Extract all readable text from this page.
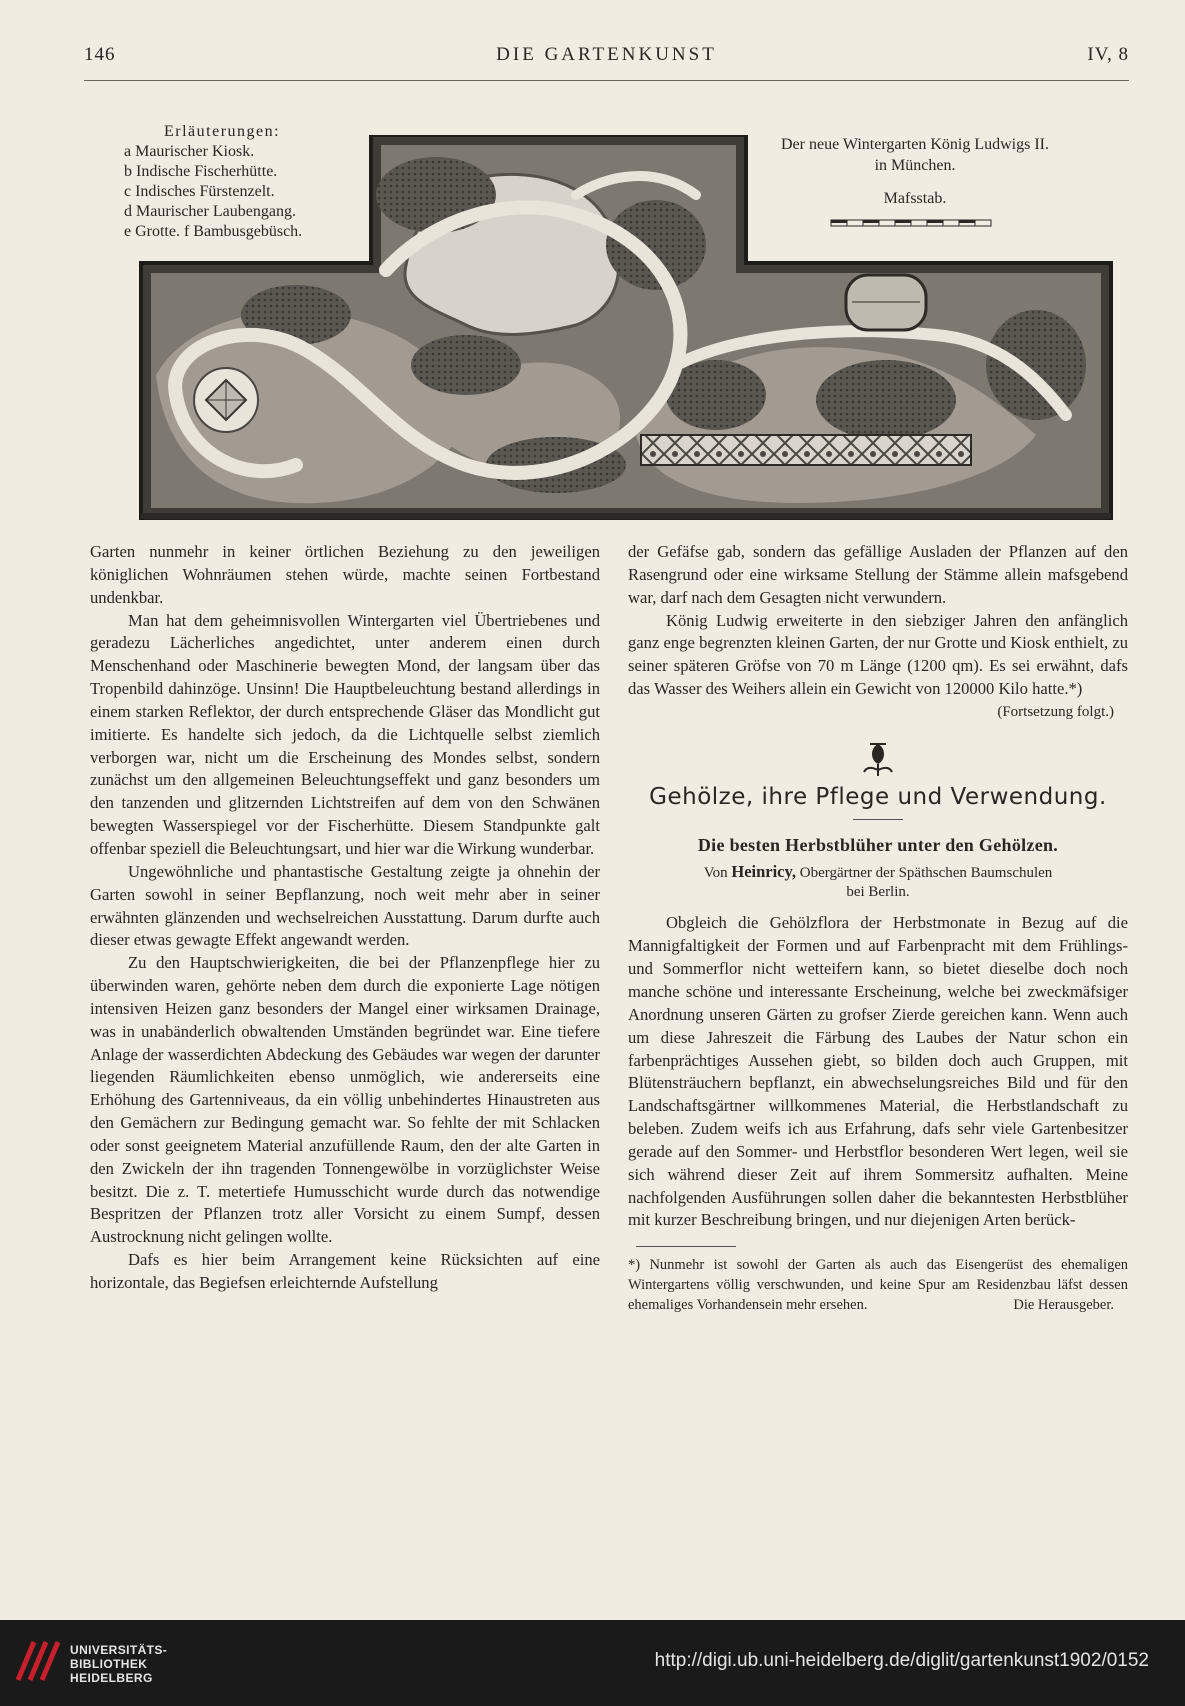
146	DIE GARTENKUNST	IV, 8
Erläuterungen:
a Maurischer Kiosk.
b Indische Fischerhütte.
c Indisches Fürstenzelt.
d Maurischer Laubengang.
e Grotte. f Bambusgebüsch.
Der neue Wintergarten König Ludwigs II.
in München.
Mafsstab.

Garten nunmehr in keiner örtlichen Beziehung zu den jeweiligen königlichen Wohnräumen stehen würde, machte seinen Fortbestand undenkbar.

Man hat dem geheimnisvollen Wintergarten viel Übertriebenes und geradezu Lächerliches angedichtet, unter anderem einen durch Menschenhand oder Maschinerie bewegten Mond, der langsam über das Tropenbild dahinzöge. Unsinn! Die Hauptbeleuchtung bestand allerdings in einem starken Reflektor, der durch entsprechende Gläser das Mondlicht gut imitierte. Es handelte sich jedoch, da die Lichtquelle selbst ziemlich verborgen war, nicht um die Erscheinung des Mondes selbst, sondern zunächst um den allgemeinen Beleuchtungseffekt und ganz besonders um den tanzenden und glitzernden Lichtstreifen auf dem von den Schwänen bewegten Wasserspiegel vor der Fischerhütte. Diesem Standpunkte galt offenbar speziell die Beleuchtungsart, und hier war die Wirkung wunderbar.

Ungewöhnliche und phantastische Gestaltung zeigte ja ohnehin der Garten sowohl in seiner Bepflanzung, noch weit mehr aber in seiner erwähnten glänzenden und wechselreichen Ausstattung. Darum durfte auch dieser etwas gewagte Effekt angewandt werden.

Zu den Hauptschwierigkeiten, die bei der Pflanzenpflege hier zu überwinden waren, gehörte neben dem durch die exponierte Lage nötigen intensiven Heizen ganz besonders der Mangel einer wirksamen Drainage, was in unabänderlich obwaltenden Umständen begründet war. Eine tiefere Anlage der wasserdichten Abdeckung des Gebäudes war wegen der darunter liegenden Räumlichkeiten ebenso unmöglich, wie andererseits eine Erhöhung des Gartenniveaus, da ein völlig unbehindertes Hinaustreten aus den Gemächern zur Bedingung gemacht war. So fehlte der mit Schlacken oder sonst geeignetem Material anzufüllende Raum, den der alte Garten in den Zwickeln der ihn tragenden Tonnengewölbe in vorzüglichster Weise besitzt. Die z. T. metertiefe Humusschicht wurde durch das notwendige Bespritzen der Pflanzen trotz aller Vorsicht zu einem Sumpf, dessen Austrocknung nicht gelingen wollte.

Dafs es hier beim Arrangement keine Rücksichten auf eine horizontale, das Begiefsen erleichternde Aufstellung

der Gefäfse gab, sondern das gefällige Ausladen der Pflanzen auf den Rasengrund oder eine wirksame Stellung der Stämme allein mafsgebend war, darf nach dem Gesagten nicht verwundern.

König Ludwig erweiterte in den siebziger Jahren den anfänglich ganz enge begrenzten kleinen Garten, der nur Grotte und Kiosk enthielt, zu seiner späteren Gröfse von 70 m Länge (1200 qm). Es sei erwähnt, dafs das Wasser des Weihers allein ein Gewicht von 120000 Kilo hatte.*)

(Fortsetzung folgt.)
Gehölze, ihre Pflege und Verwendung.
Die besten Herbstblüher unter den Gehölzen.
Von Heinricy, Obergärtner der Späthschen Baumschulen
bei Berlin.

Obgleich die Gehölzflora der Herbstmonate in Bezug auf die Mannigfaltigkeit der Formen und auf Farbenpracht mit dem Frühlings- und Sommerflor nicht wetteifern kann, so bietet dieselbe doch noch manche schöne und interessante Erscheinung, welche bei zweckmäfsiger Anordnung unseren Gärten zu grofser Zierde gereichen kann. Wenn auch um diese Jahreszeit die Färbung des Laubes der Natur schon ein farbenprächtiges Aussehen giebt, so bilden doch auch Gruppen, mit Blütensträuchern bepflanzt, ein abwechselungsreiches Bild und für den Landschaftsgärtner willkommenes Material, die Herbstlandschaft zu beleben. Zudem weifs ich aus Erfahrung, dafs sehr viele Gartenbesitzer gerade auf den Sommer- und Herbstflor besonderen Wert legen, weil sie sich während dieser Zeit auf ihrem Sommersitz aufhalten. Meine nachfolgenden Ausführungen sollen daher die bekanntesten Herbstblüher mit kurzer Beschreibung bringen, und nur diejenigen Arten berück-

*) Nunmehr ist sowohl der Garten als auch das Eisengerüst des ehemaligen Wintergartens völlig verschwunden, und keine Spur am Residenzbau läfst dessen ehemaliges Vorhandensein mehr ersehen.	Die Herausgeber.
UNIVERSITÄTS-
BIBLIOTHEK
HEIDELBERG
http://digi.ub.uni-heidelberg.de/diglit/gartenkunst1902/0152
